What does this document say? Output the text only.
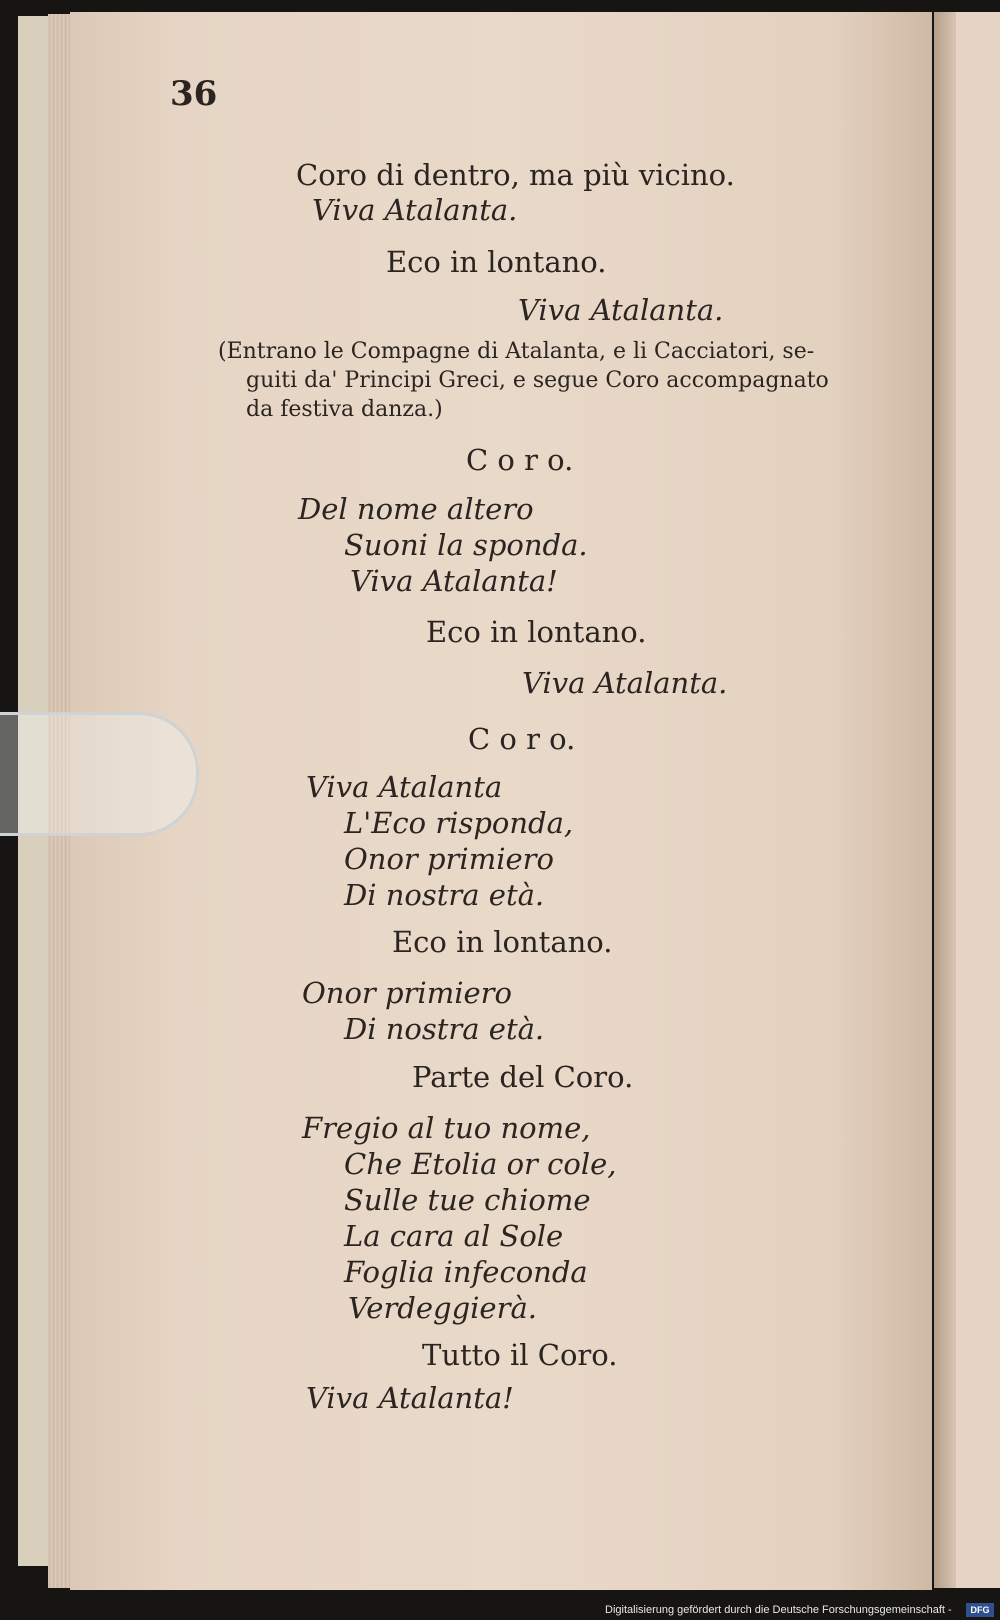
36
Coro di dentro, ma più vicino.
Viva Atalanta.
Eco in lontano.
Viva Atalanta.
(Entrano le Compagne di Atalanta, e li Cacciatori, se-
guiti da' Principi Greci, e segue Coro accompagnato
da festiva danza.)
C o r o.
Del nome altero
Suoni la sponda.
Viva Atalanta!
Eco in lontano.
Viva Atalanta.
C o r o.
Viva Atalanta
L'Eco risponda,
Onor primiero
Di nostra età.
Eco in lontano.
Onor primiero
Di nostra età.
Parte del Coro.
Fregio al tuo nome,
Che Etolia or cole,
Sulle tue chiome
La cara al Sole
Foglia infeconda
Verdeggierà.
Tutto il Coro.
Viva Atalanta!
Digitalisierung gefördert durch die Deutsche Forschungsgemeinschaft -	DFG
